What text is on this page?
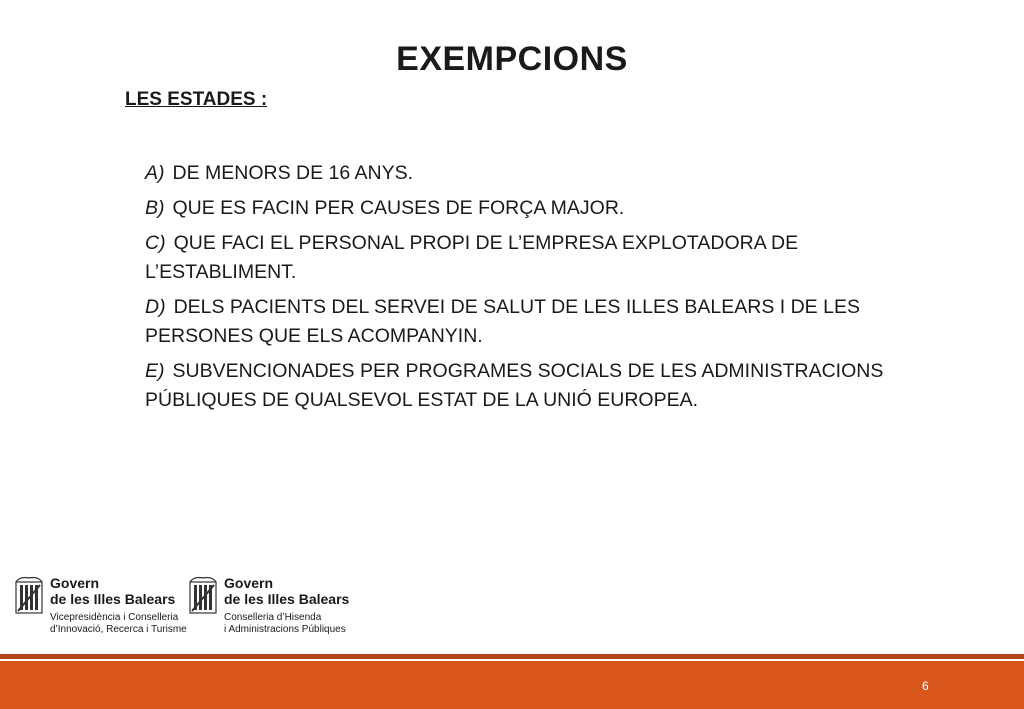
EXEMPCIONS
LES ESTADES :
A) DE MENORS DE 16 ANYS.
B) QUE ES FACIN PER CAUSES DE FORÇA MAJOR.
C) QUE FACI EL PERSONAL PROPI DE L’EMPRESA EXPLOTADORA DE L’ESTABLIMENT.
D) DELS PACIENTS DEL SERVEI DE SALUT DE LES ILLES BALEARS I DE LES PERSONES QUE ELS ACOMPANYIN.
E) SUBVENCIONADES PER PROGRAMES SOCIALS DE LES ADMINISTRACIONS PÚBLIQUES DE QUALSEVOL ESTAT DE LA UNIÓ EUROPEA.
Govern
de les Illes Balears
Vicepresidència i Conselleria
d’Innovació, Recerca i Turisme
Govern
de les Illes Balears
Conselleria d’Hisenda
i Administracions Públiques
6
